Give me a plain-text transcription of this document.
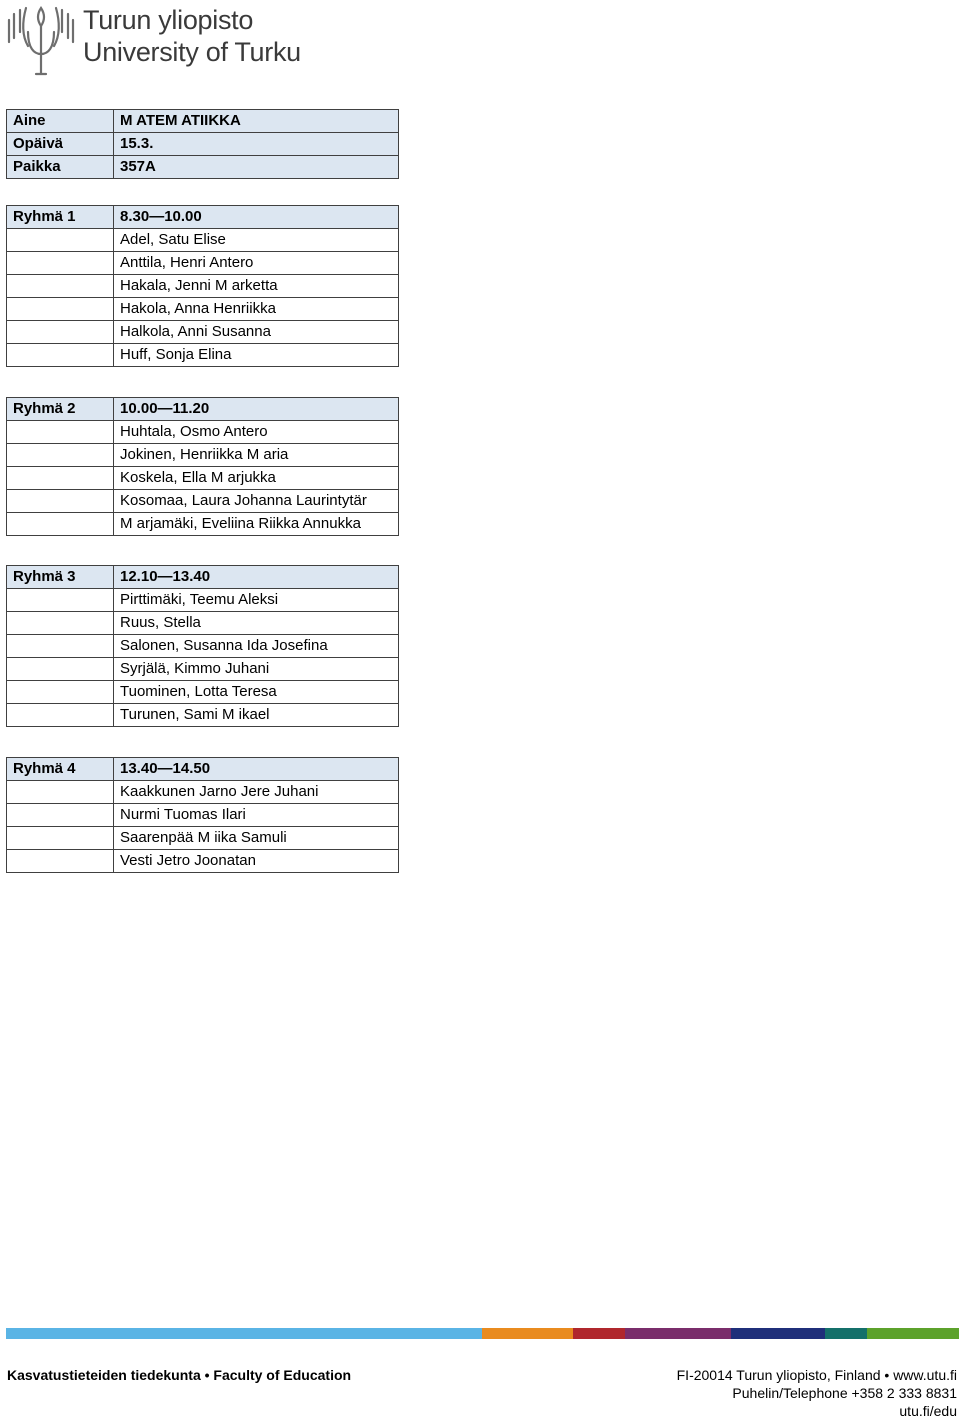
Turun yliopisto
University of Turku
Aine	M ATEM ATIIKKA
Opäivä	15.3.
Paikka	357A
Ryhmä 1	8.30—10.00
	Adel, Satu Elise
	Anttila, Henri Antero
	Hakala, Jenni M arketta
	Hakola, Anna Henriikka
	Halkola, Anni Susanna
	Huff, Sonja Elina
Ryhmä 2	10.00—11.20
	Huhtala, Osmo Antero
	Jokinen, Henriikka M aria
	Koskela, Ella M arjukka
	Kosomaa, Laura Johanna Laurintytär
	M arjamäki, Eveliina Riikka Annukka
Ryhmä 3	12.10—13.40
	Pirttimäki, Teemu Aleksi
	Ruus, Stella
	Salonen, Susanna Ida Josefina
	Syrjälä, Kimmo Juhani
	Tuominen, Lotta Teresa
	Turunen, Sami M ikael
Ryhmä 4	13.40—14.50
	Kaakkunen Jarno Jere Juhani
	Nurmi Tuomas Ilari
	Saarenpää M iika Samuli
	Vesti Jetro Joonatan
Kasvatustieteiden tiedekunta • Faculty of Education	FI-20014 Turun yliopisto, Finland • www.utu.fi
Puhelin/Telephone +358 2 333 8831
utu.fi/edu
